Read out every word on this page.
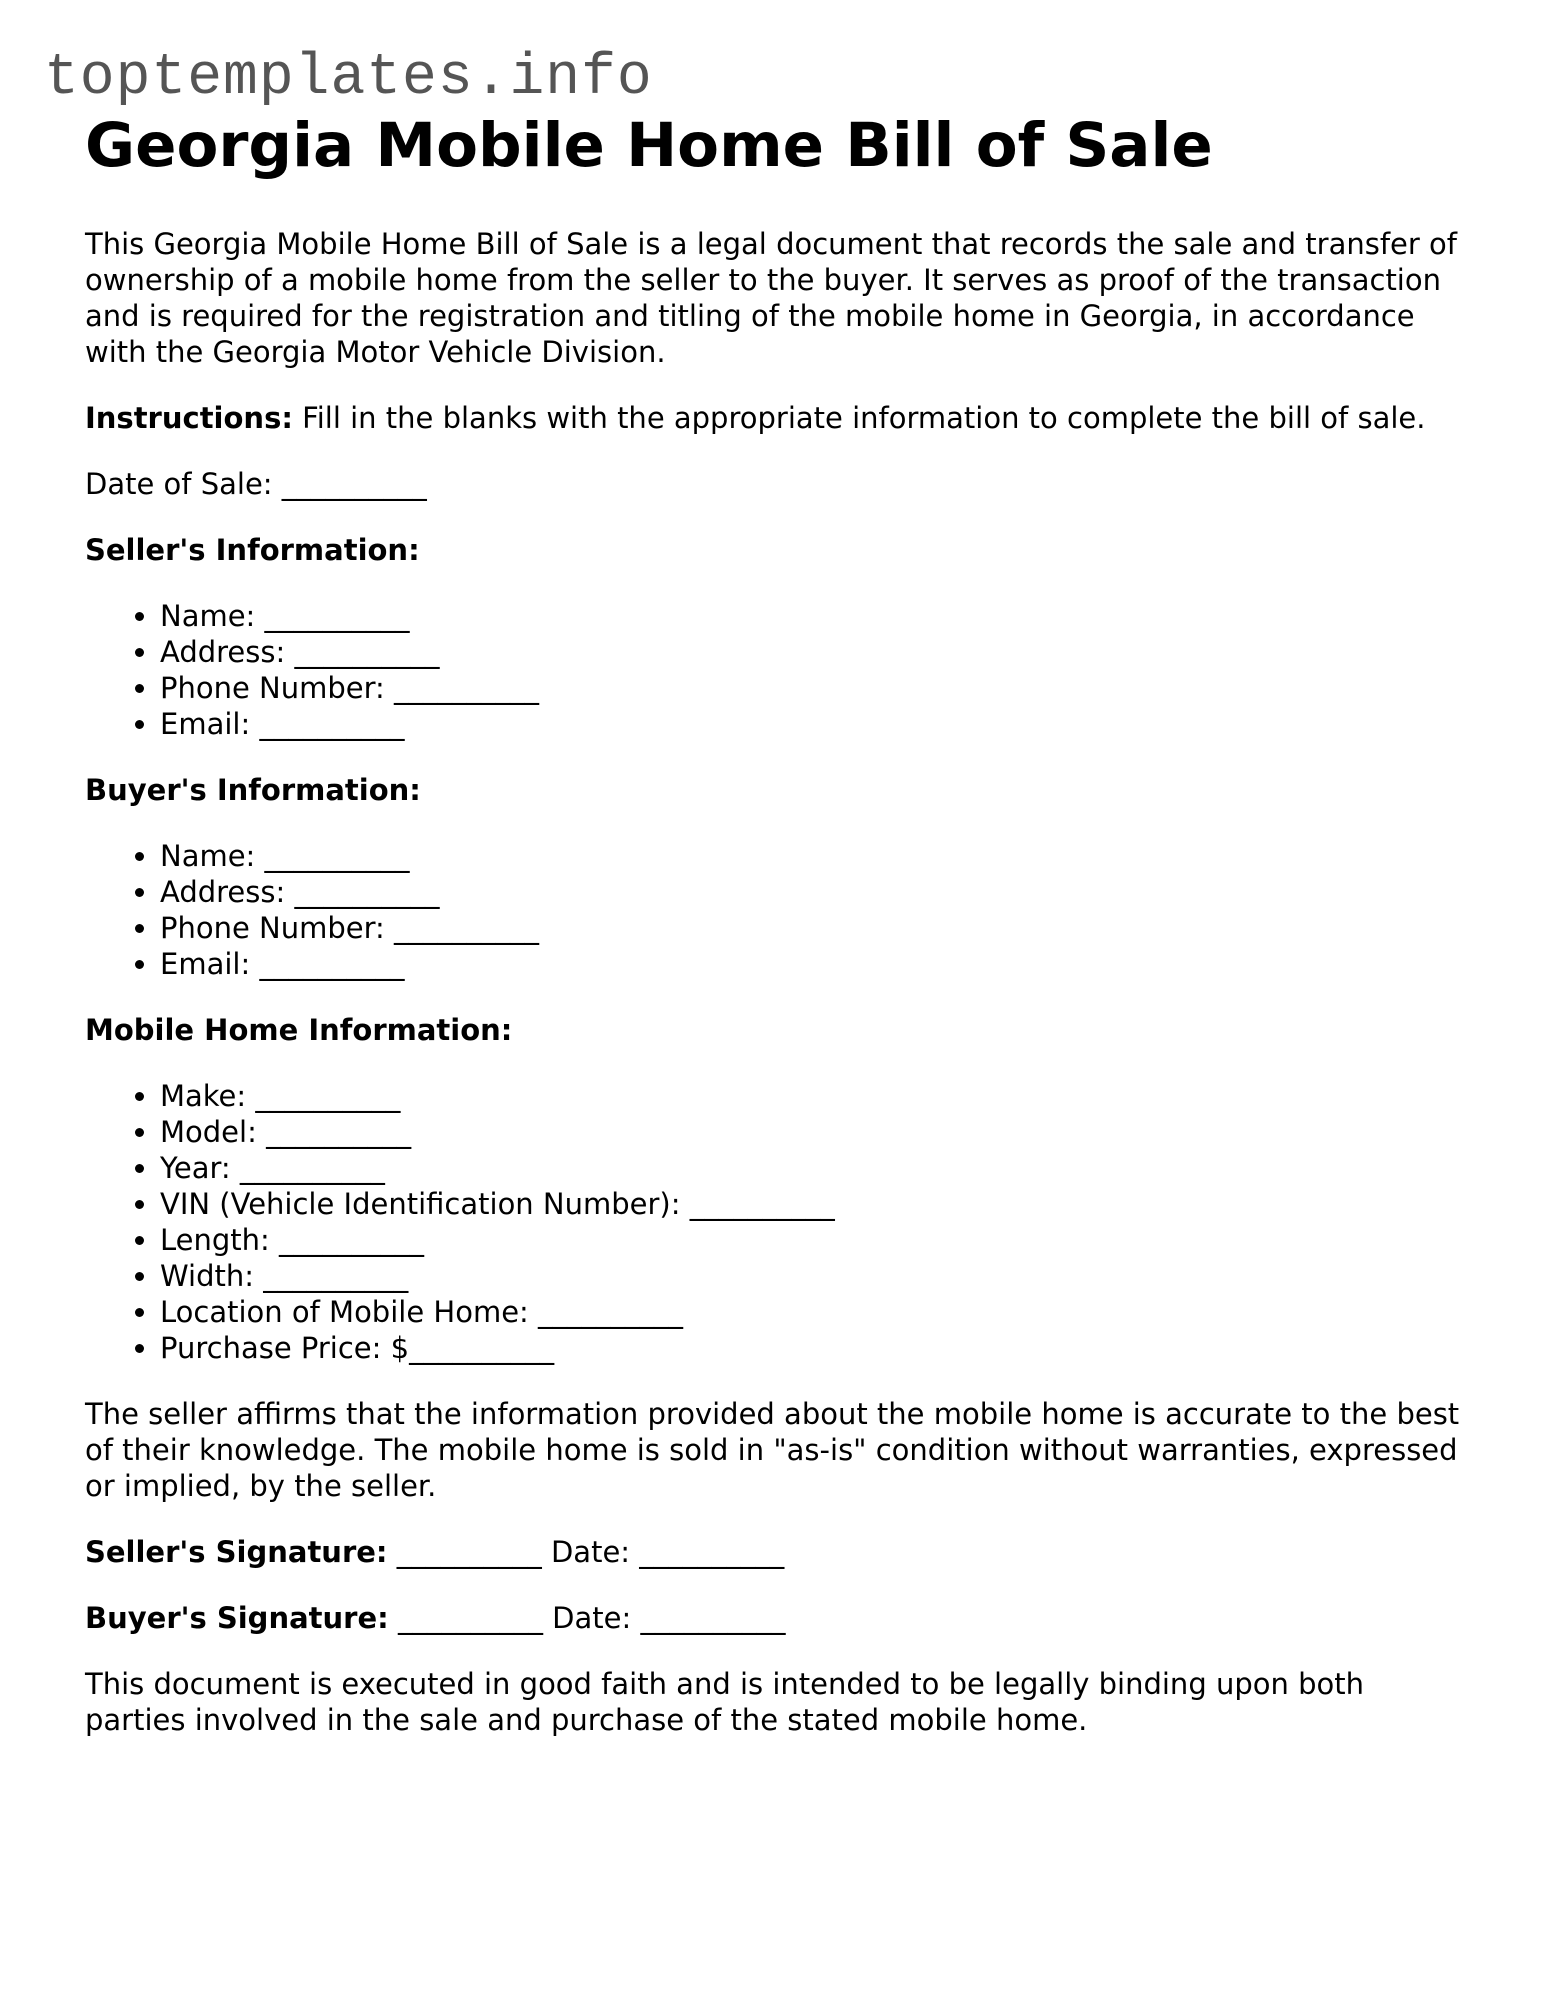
toptemplates.info
Georgia Mobile Home Bill of Sale

This Georgia Mobile Home Bill of Sale is a legal document that records the sale and transfer of ownership of a mobile home from the seller to the buyer. It serves as proof of the transaction and is required for the registration and titling of the mobile home in Georgia, in accordance with the Georgia Motor Vehicle Division.

Instructions: Fill in the blanks with the appropriate information to complete the bill of sale.

Date of Sale: __________

Seller's Information:

• Name: __________
• Address: __________
• Phone Number: __________
• Email: __________

Buyer's Information:

• Name: __________
• Address: __________
• Phone Number: __________
• Email: __________

Mobile Home Information:

• Make: __________
• Model: __________
• Year: __________
• VIN (Vehicle Identification Number): __________
• Length: __________
• Width: __________
• Location of Mobile Home: __________
• Purchase Price: $__________

The seller affirms that the information provided about the mobile home is accurate to the best of their knowledge. The mobile home is sold in "as-is" condition without warranties, expressed or implied, by the seller.

Seller's Signature: __________ Date: __________

Buyer's Signature: __________ Date: __________

This document is executed in good faith and is intended to be legally binding upon both parties involved in the sale and purchase of the stated mobile home.
